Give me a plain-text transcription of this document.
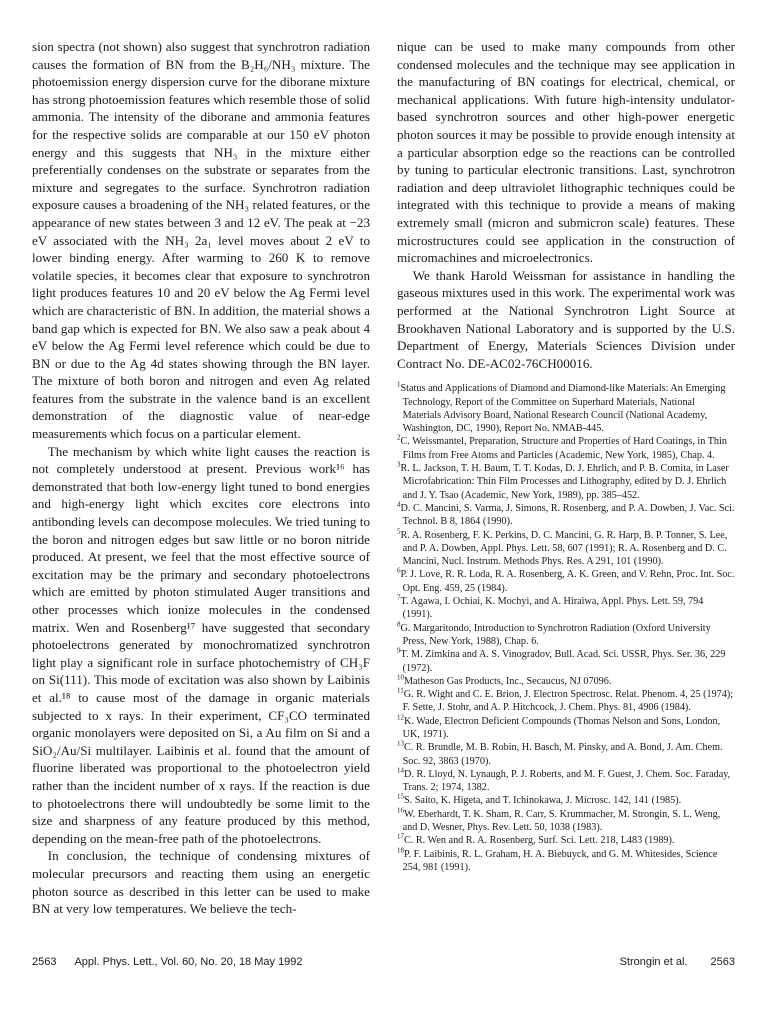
sion spectra (not shown) also suggest that synchrotron radiation causes the formation of BN from the B₂H₆/NH₃ mixture. The photoemission energy dispersion curve for the diborane mixture has strong photoemission features which resemble those of solid ammonia. The intensity of the diborane and ammonia features for the respective solids are comparable at our 150 eV photon energy and this suggests that NH₃ in the mixture either preferentially condenses on the substrate or separates from the mixture and segregates to the surface. Synchrotron radiation exposure causes a broadening of the NH₃ related features, or the appearance of new states between 3 and 12 eV. The peak at −23 eV associated with the NH₃ 2a₁ level moves about 2 eV to lower binding energy. After warming to 260 K to remove volatile species, it becomes clear that exposure to synchrotron light produces features 10 and 20 eV below the Ag Fermi level which are characteristic of BN. In addition, the material shows a band gap which is expected for BN. We also saw a peak about 4 eV below the Ag Fermi level reference which could be due to BN or due to the Ag 4d states showing through the BN layer. The mixture of both boron and nitrogen and even Ag related features from the substrate in the valence band is an excellent demonstration of the diagnostic value of near-edge measurements which focus on a particular element.

The mechanism by which white light causes the reaction is not completely understood at present. Previous work¹⁶ has demonstrated that both low-energy light tuned to bond energies and high-energy light which excites core electrons into antibonding levels can decompose molecules. We tried tuning to the boron and nitrogen edges but saw little or no boron nitride produced. At present, we feel that the most effective source of excitation may be the primary and secondary photoelectrons which are emitted by photon stimulated Auger transitions and other processes which ionize molecules in the condensed matrix. Wen and Rosenberg¹⁷ have suggested that secondary photoelectrons generated by monochromatized synchrotron light play a significant role in surface photochemistry of CH₃F on Si(111). This mode of excitation was also shown by Laibinis et al.¹⁸ to cause most of the damage in organic materials subjected to x rays. In their experiment, CF₃CO terminated organic monolayers were deposited on Si, a Au film on Si and a SiO₂/Au/Si multilayer. Laibinis et al. found that the amount of fluorine liberated was proportional to the photoelectron yield rather than the incident number of x rays. If the reaction is due to photoelectrons there will undoubtedly be some limit to the size and sharpness of any feature produced by this method, depending on the mean-free path of the photoelectrons.

In conclusion, the technique of condensing mixtures of molecular precursors and reacting them using an energetic photon source as described in this letter can be used to make BN at very low temperatures. We believe the tech-

nique can be used to make many compounds from other condensed molecules and the technique may see application in the manufacturing of BN coatings for electrical, chemical, or mechanical applications. With future high-intensity undulator-based synchrotron sources and other high-power energetic photon sources it may be possible to provide enough intensity at a particular absorption edge so the reactions can be controlled by tuning to particular electronic transitions. Last, synchrotron radiation and deep ultraviolet lithographic techniques could be integrated with this technique to provide a means of making extremely small (micron and submicron scale) features. These microstructures could see application in the construction of micromachines and microelectronics.

We thank Harold Weissman for assistance in handling the gaseous mixtures used in this work. The experimental work was performed at the National Synchrotron Light Source at Brookhaven National Laboratory and is supported by the U.S. Department of Energy, Materials Sciences Division under Contract No. DE-AC02-76CH00016.

$^1$Status and Applications of Diamond and Diamond-like Materials: An Emerging Technology, Report of the Committee on Superhard Materials, National Materials Advisory Board, National Research Council (National Academy, Washington, DC, 1990), Report No. NMAB-445.
$^2$C. Weissmantel, Preparation, Structure and Properties of Hard Coatings, in Thin Films from Free Atoms and Particles (Academic, New York, 1985), Chap. 4.
$^3$R. L. Jackson, T. H. Baum, T. T. Kodas, D. J. Ehrlich, and P. B. Comita, in Laser Microfabrication: Thin Film Processes and Lithography, edited by D. J. Ehrlich and J. Y. Tsao (Academic, New York, 1989), pp. 385–452.
$^4$D. C. Mancini, S. Varma, J. Simons, R. Rosenberg, and P. A. Dowben, J. Vac. Sci. Technol. B 8, 1864 (1990).
$^5$R. A. Rosenberg, F. K. Perkins, D. C. Mancini, G. R. Harp, B. P. Tonner, S. Lee, and P. A. Dowben, Appl. Phys. Lett. 58, 607 (1991); R. A. Rosenberg and D. C. Mancini, Nucl. Instrum. Methods Phys. Res. A 291, 101 (1990).
$^6$P. J. Love, R. R. Loda, R. A. Rosenberg, A. K. Green, and V. Rehn, Proc. Int. Soc. Opt. Eng. 459, 25 (1984).
$^7$T. Agawa, I. Ochiai, K. Mochyi, and A. Hiraiwa, Appl. Phys. Lett. 59, 794 (1991).
$^8$G. Margaritondo, Introduction to Synchrotron Radiation (Oxford University Press, New York, 1988), Chap. 6.
$^9$T. M. Zimkina and A. S. Vinogradov, Bull. Acad. Sci. USSR, Phys. Ser. 36, 229 (1972).
$^{10}$Matheson Gas Products, Inc., Secaucus, NJ 07096.
$^{11}$G. R. Wight and C. E. Brion, J. Electron Spectrosc. Relat. Phenom. 4, 25 (1974); F. Sette, J. Stohr, and A. P. Hitchcock, J. Chem. Phys. 81, 4906 (1984).
$^{12}$K. Wade, Electron Deficient Compounds (Thomas Nelson and Sons, London, UK, 1971).
$^{13}$C. R. Brundle, M. B. Robin, H. Basch, M. Pinsky, and A. Bond, J. Am. Chem. Soc. 92, 3863 (1970).
$^{14}$D. R. Lloyd, N. Lynaugh, P. J. Roberts, and M. F. Guest, J. Chem. Soc. Faraday, Trans. 2; 1974, 1382.
$^{15}$S. Saito, K. Higeta, and T. Ichinokawa, J. Microsc. 142, 141 (1985).
$^{16}$W. Eberhardt, T. K. Sham, R. Carr, S. Krummacher, M. Strongin, S. L. Weng, and D. Wesner, Phys. Rev. Lett. 50, 1038 (1983).
$^{17}$C. R. Wen and R. A. Rosenberg, Surf. Sci. Lett. 218, L483 (1989).
$^{18}$P. F. Laibinis, R. L. Graham, H. A. Biebuyck, and G. M. Whitesides, Science 254, 981 (1991).
2563 Appl. Phys. Lett., Vol. 60, No. 20, 18 May 1992	Strongin et al. 2563
